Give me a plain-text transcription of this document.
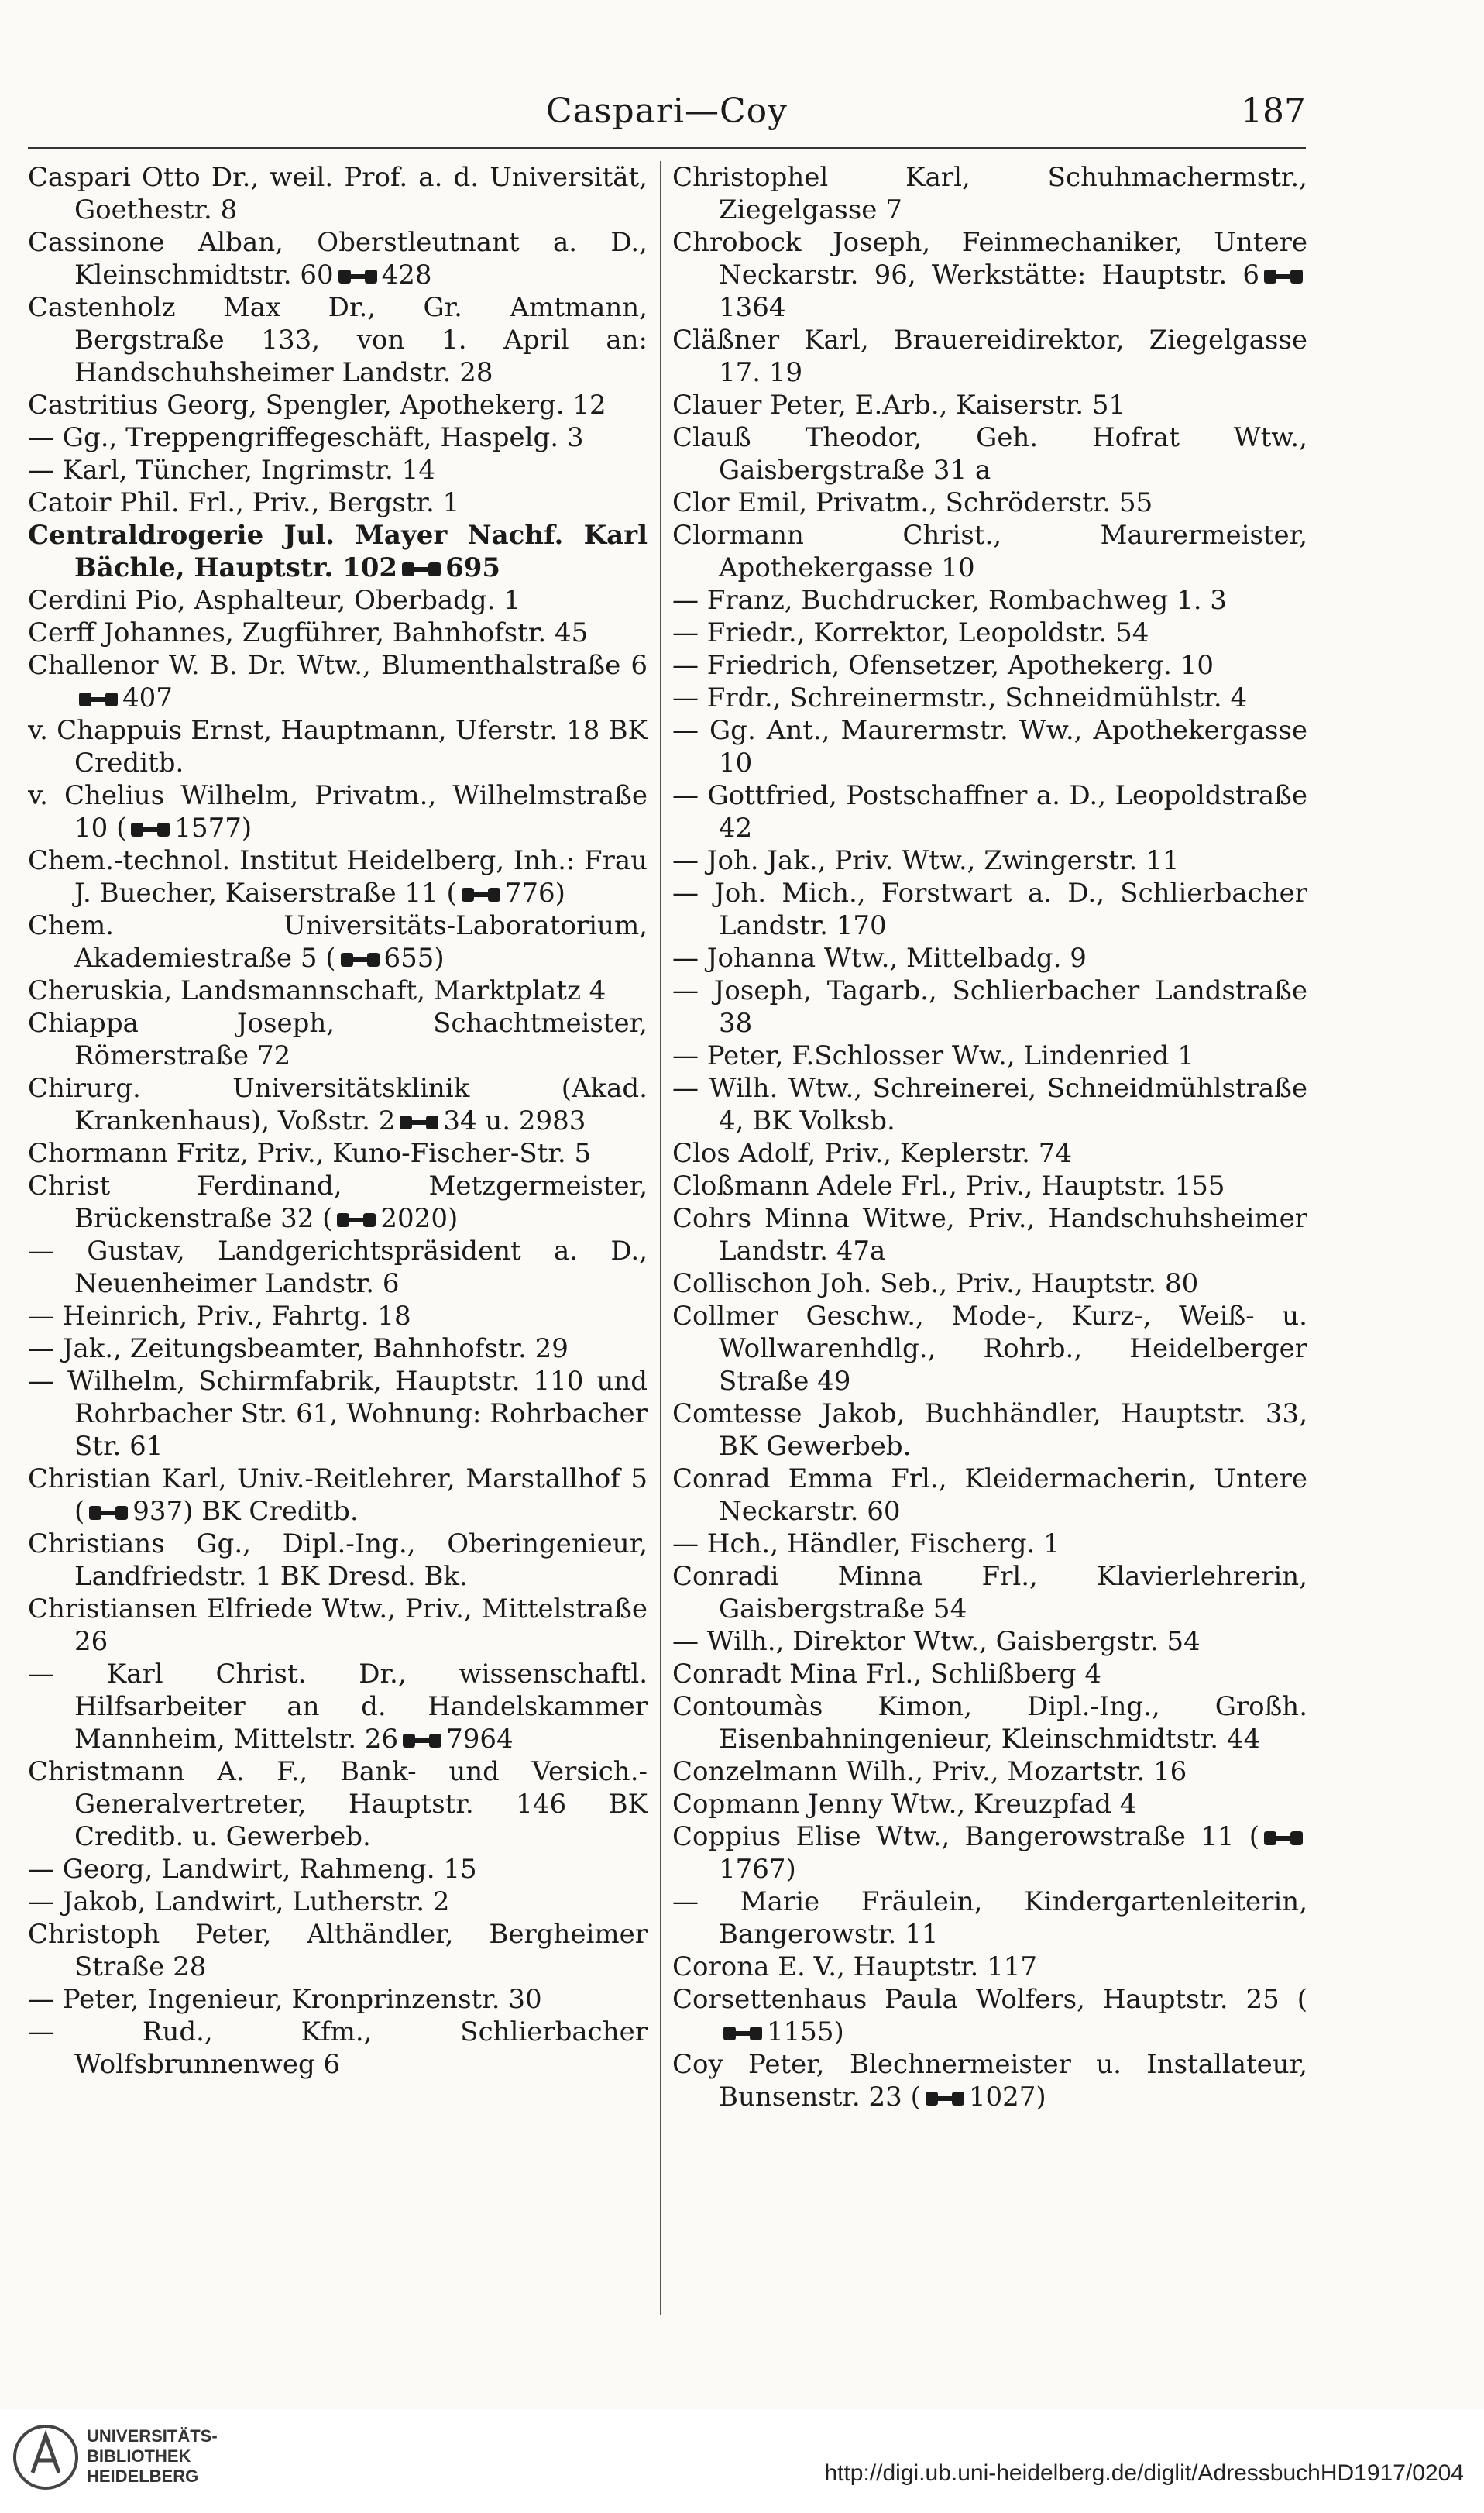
Caspari—Coy	187

Caspari Otto Dr., weil. Prof. a. d. Universität, Goethestr. 8

Cassinone Alban, Oberstleutnant a. D., Kleinschmidtstr. 60 428

Castenholz Max Dr., Gr. Amtmann, Bergstraße 133, von 1. April an: Handschuhsheimer Landstr. 28

Castritius Georg, Spengler, Apothekerg. 12

— Gg., Treppengriffegeschäft, Haspelg. 3

— Karl, Tüncher, Ingrimstr. 14

Catoir Phil. Frl., Priv., Bergstr. 1

Centraldrogerie Jul. Mayer Nachf. Karl Bächle, Hauptstr. 102 695

Cerdini Pio, Asphalteur, Oberbadg. 1

Cerff Johannes, Zugführer, Bahnhofstr. 45

Challenor W. B. Dr. Wtw., Blumenthalstraße 6407

v. Chappuis Ernst, Hauptmann, Uferstr. 18 BK Creditb.

v. Chelius Wilhelm, Privatm., Wilhelmstraße 10 ( 1577)

Chem.-technol. Institut Heidelberg, Inh.: Frau J. Buecher, Kaiserstraße 11 ( 776)

Chem. Universitäts-Laboratorium, Akademiestraße 5 ( 655)

Cheruskia, Landsmannschaft, Marktplatz 4

Chiappa Joseph, Schachtmeister, Römerstraße 72

Chirurg. Universitätsklinik (Akad. Krankenhaus), Voßstr. 2 34 u. 2983

Chormann Fritz, Priv., Kuno-Fischer-Str. 5

Christ Ferdinand, Metzgermeister, Brückenstraße 32 ( 2020)

— Gustav, Landgerichtspräsident a. D., Neuenheimer Landstr. 6

— Heinrich, Priv., Fahrtg. 18

— Jak., Zeitungsbeamter, Bahnhofstr. 29

— Wilhelm, Schirmfabrik, Hauptstr. 110 und Rohrbacher Str. 61, Wohnung: Rohrbacher Str. 61

Christian Karl, Univ.-Reitlehrer, Marstallhof 5 ( 937) BK Creditb.

Christians Gg., Dipl.-Ing., Oberingenieur, Landfriedstr. 1 BK Dresd. Bk.

Christiansen Elfriede Wtw., Priv., Mittelstraße 26

— Karl Christ. Dr., wissenschaftl. Hilfsarbeiter an d. Handelskammer Mannheim, Mittelstr. 26 7964

Christmann A. F., Bank- und Versich.-Generalvertreter, Hauptstr. 146 BK Creditb. u. Gewerbeb.

— Georg, Landwirt, Rahmeng. 15

— Jakob, Landwirt, Lutherstr. 2

Christoph Peter, Althändler, Bergheimer Straße 28

— Peter, Ingenieur, Kronprinzenstr. 30

— Rud., Kfm., Schlierbacher Wolfsbrunnenweg 6

Christophel Karl, Schuhmachermstr., Ziegelgasse 7

Chrobock Joseph, Feinmechaniker, Untere Neckarstr. 96, Werkstätte: Hauptstr. 61364

Cläßner Karl, Brauereidirektor, Ziegelgasse 17. 19

Clauer Peter, E.Arb., Kaiserstr. 51

Clauß Theodor, Geh. Hofrat Wtw., Gaisbergstraße 31 a

Clor Emil, Privatm., Schröderstr. 55

Clormann Christ., Maurermeister, Apothekergasse 10

— Franz, Buchdrucker, Rombachweg 1. 3

— Friedr., Korrektor, Leopoldstr. 54

— Friedrich, Ofensetzer, Apothekerg. 10

— Frdr., Schreinermstr., Schneidmühlstr. 4

— Gg. Ant., Maurermstr. Ww., Apothekergasse 10

— Gottfried, Postschaffner a. D., Leopoldstraße 42

— Joh. Jak., Priv. Wtw., Zwingerstr. 11

— Joh. Mich., Forstwart a. D., Schlierbacher Landstr. 170

— Johanna Wtw., Mittelbadg. 9

— Joseph, Tagarb., Schlierbacher Landstraße 38

— Peter, F.Schlosser Ww., Lindenried 1

— Wilh. Wtw., Schreinerei, Schneidmühlstraße 4, BK Volksb.

Clos Adolf, Priv., Keplerstr. 74

Cloßmann Adele Frl., Priv., Hauptstr. 155

Cohrs Minna Witwe, Priv., Handschuhsheimer Landstr. 47a

Collischon Joh. Seb., Priv., Hauptstr. 80

Collmer Geschw., Mode-, Kurz-, Weiß- u. Wollwarenhdlg., Rohrb., Heidelberger Straße 49

Comtesse Jakob, Buchhändler, Hauptstr. 33, BK Gewerbeb.

Conrad Emma Frl., Kleidermacherin, Untere Neckarstr. 60

— Hch., Händler, Fischerg. 1

Conradi Minna Frl., Klavierlehrerin, Gaisbergstraße 54

— Wilh., Direktor Wtw., Gaisbergstr. 54

Conradt Mina Frl., Schlißberg 4

Contoumàs Kimon, Dipl.-Ing., Großh. Eisenbahningenieur, Kleinschmidtstr. 44

Conzelmann Wilh., Priv., Mozartstr. 16

Copmann Jenny Wtw., Kreuzpfad 4

Coppius Elise Wtw., Bangerowstraße 11 (1767)

— Marie Fräulein, Kindergartenleiterin, Bangerowstr. 11

Corona E. V., Hauptstr. 117

Corsettenhaus Paula Wolfers, Hauptstr. 25 (1155)

Coy Peter, Blechnermeister u. Installateur, Bunsenstr. 23 ( 1027)

UNIVERSITÄTS-
BIBLIOTHEK
HEIDELBERG	http://digi.ub.uni-heidelberg.de/diglit/AdressbuchHD1917/0204
